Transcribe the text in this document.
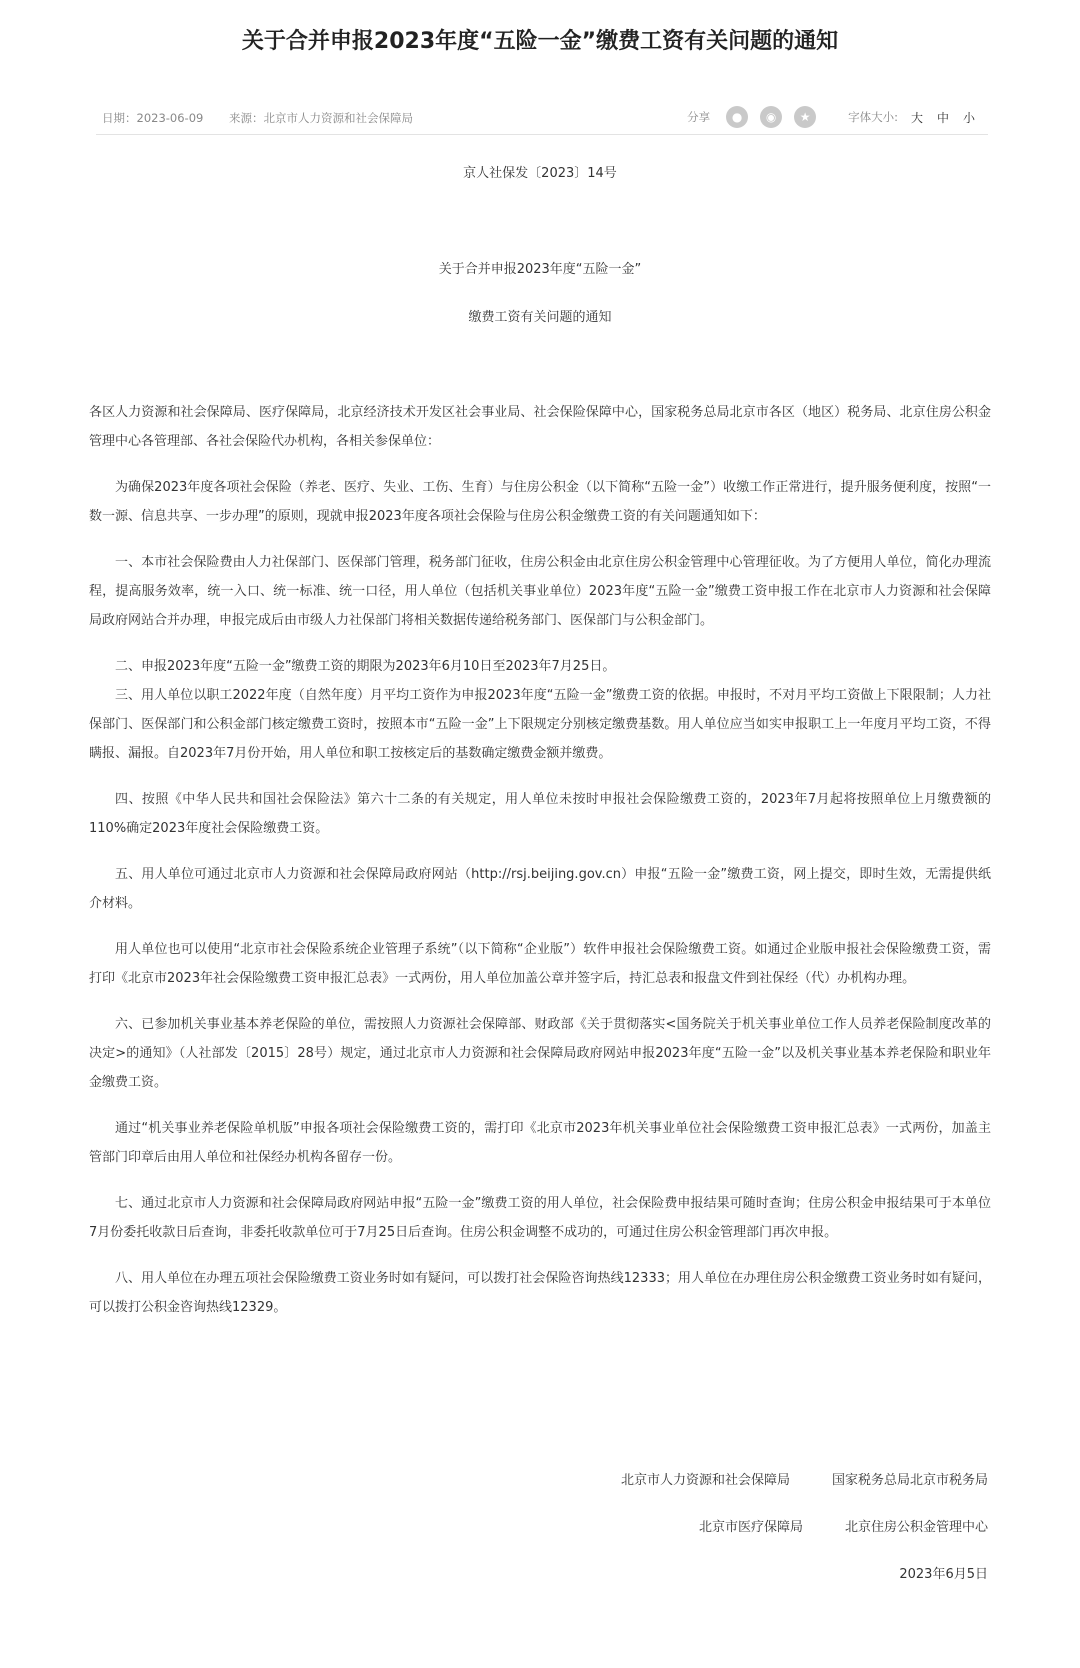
关于合并申报2023年度“五险一金”缴费工资有关问题的通知
日期：2023-06-09 来源：北京市人力资源和社会保障局	分享	●	◉	★	字体大小: 大 中 小
京人社保发〔2023〕14号
关于合并申报2023年度“五险一金”
缴费工资有关问题的通知

各区人力资源和社会保障局、医疗保障局，北京经济技术开发区社会事业局、社会保险保障中心，国家税务总局北京市各区（地区）税务局、北京住房公积金管理中心各管理部、各社会保险代办机构，各相关参保单位：

为确保2023年度各项社会保险（养老、医疗、失业、工伤、生育）与住房公积金（以下简称“五险一金”）收缴工作正常进行，提升服务便利度，按照“一数一源、信息共享、一步办理”的原则，现就申报2023年度各项社会保险与住房公积金缴费工资的有关问题通知如下：

一、本市社会保险费由人力社保部门、医保部门管理，税务部门征收，住房公积金由北京住房公积金管理中心管理征收。为了方便用人单位，简化办理流程，提高服务效率，统一入口、统一标准、统一口径，用人单位（包括机关事业单位）2023年度“五险一金”缴费工资申报工作在北京市人力资源和社会保障局政府网站合并办理，申报完成后由市级人力社保部门将相关数据传递给税务部门、医保部门与公积金部门。

二、申报2023年度“五险一金”缴费工资的期限为2023年6月10日至2023年7月25日。

三、用人单位以职工2022年度（自然年度）月平均工资作为申报2023年度“五险一金”缴费工资的依据。申报时，不对月平均工资做上下限限制；人力社保部门、医保部门和公积金部门核定缴费工资时，按照本市“五险一金”上下限规定分别核定缴费基数。用人单位应当如实申报职工上一年度月平均工资，不得瞒报、漏报。自2023年7月份开始，用人单位和职工按核定后的基数确定缴费金额并缴费。

四、按照《中华人民共和国社会保险法》第六十二条的有关规定，用人单位未按时申报社会保险缴费工资的，2023年7月起将按照单位上月缴费额的110%确定2023年度社会保险缴费工资。

五、用人单位可通过北京市人力资源和社会保障局政府网站（http://rsj.beijing.gov.cn）申报“五险一金”缴费工资，网上提交，即时生效，无需提供纸介材料。

用人单位也可以使用“北京市社会保险系统企业管理子系统”（以下简称“企业版”）软件申报社会保险缴费工资。如通过企业版申报社会保险缴费工资，需打印《北京市2023年社会保险缴费工资申报汇总表》一式两份，用人单位加盖公章并签字后，持汇总表和报盘文件到社保经（代）办机构办理。

六、已参加机关事业基本养老保险的单位，需按照人力资源社会保障部、财政部《关于贯彻落实<国务院关于机关事业单位工作人员养老保险制度改革的决定>的通知》（人社部发〔2015〕28号）规定，通过北京市人力资源和社会保障局政府网站申报2023年度“五险一金”以及机关事业基本养老保险和职业年金缴费工资。

通过“机关事业养老保险单机版”申报各项社会保险缴费工资的，需打印《北京市2023年机关事业单位社会保险缴费工资申报汇总表》一式两份，加盖主管部门印章后由用人单位和社保经办机构各留存一份。

七、通过北京市人力资源和社会保障局政府网站申报“五险一金”缴费工资的用人单位，社会保险费申报结果可随时查询；住房公积金申报结果可于本单位7月份委托收款日后查询，非委托收款单位可于7月25日后查询。住房公积金调整不成功的，可通过住房公积金管理部门再次申报。

八、用人单位在办理五项社会保险缴费工资业务时如有疑问，可以拨打社会保险咨询热线12333；用人单位在办理住房公积金缴费工资业务时如有疑问，可以拨打公积金咨询热线12329。

北京市人力资源和社会保障局	国家税务总局北京市税务局
北京市医疗保障局	北京住房公积金管理中心
2023年6月5日
